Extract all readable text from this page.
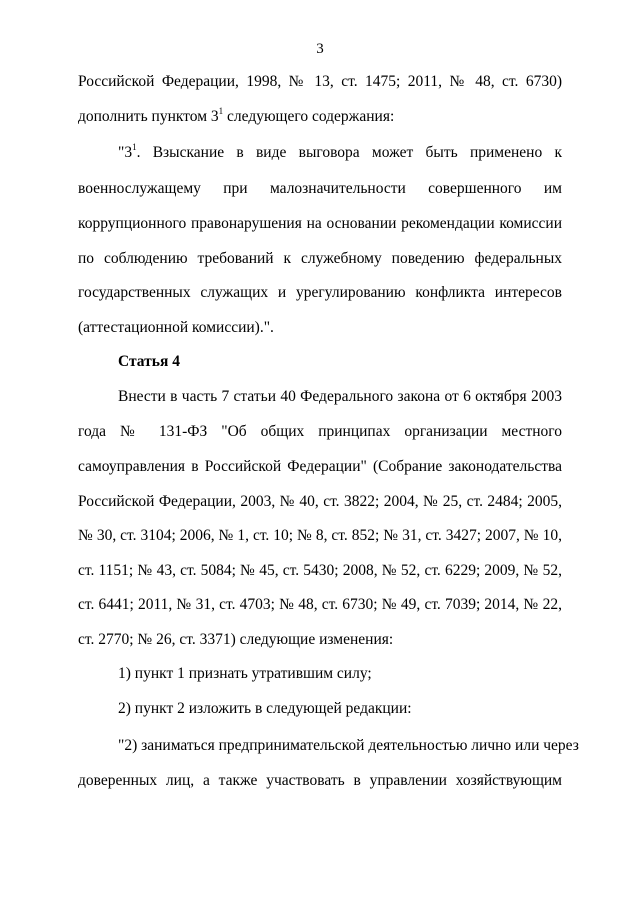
3
Российской Федерации, 1998, № 13, ст. 1475; 2011, № 48, ст. 6730)
дополнить пунктом $3^1$ следующего содержания:
"$3^1$. Взыскание в виде выговора может быть применено к
военнослужащему при малозначительности совершенного им
коррупционного правонарушения на основании рекомендации комиссии
по соблюдению требований к служебному поведению федеральных
государственных служащих и урегулированию конфликта интересов
(аттестационной комиссии).".
Статья 4
Внести в часть 7 статьи 40 Федерального закона от 6 октября 2003
года № 131-ФЗ "Об общих принципах организации местного
самоуправления в Российской Федерации" (Собрание законодательства
Российской Федерации, 2003, № 40, ст. 3822; 2004, № 25, ст. 2484; 2005,
№ 30, ст. 3104; 2006, № 1, ст. 10; № 8, ст. 852; № 31, ст. 3427; 2007, № 10,
ст. 1151; № 43, ст. 5084; № 45, ст. 5430; 2008, № 52, ст. 6229; 2009, № 52,
ст. 6441; 2011, № 31, ст. 4703; № 48, ст. 6730; № 49, ст. 7039; 2014, № 22,
ст. 2770; № 26, ст. 3371) следующие изменения:
1) пункт 1 признать утратившим силу;
2) пункт 2 изложить в следующей редакции:
"2) заниматься предпринимательской деятельностью лично или через
доверенных лиц, а также участвовать в управлении хозяйствующим
